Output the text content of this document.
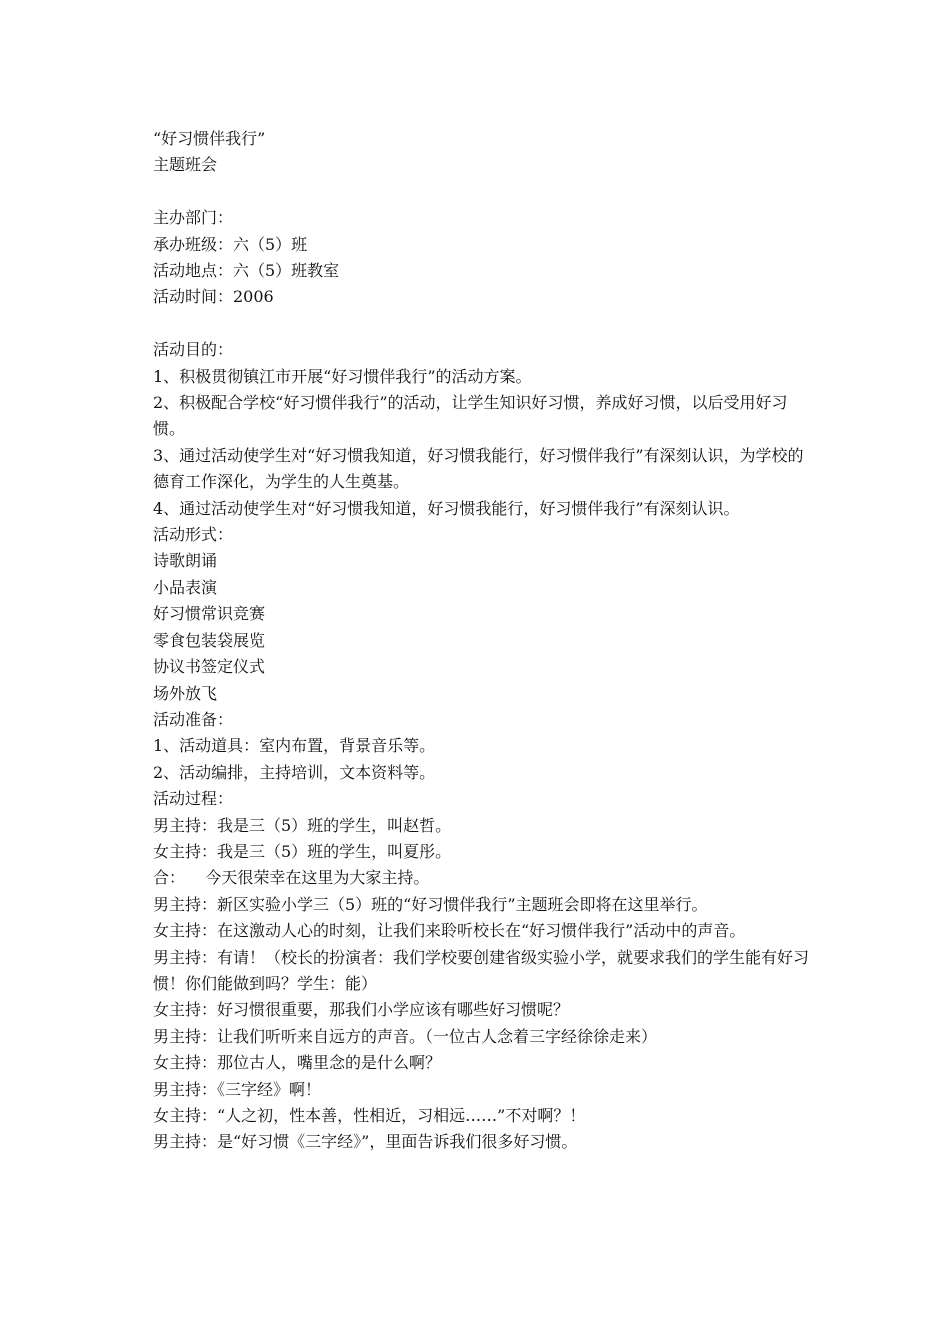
“好习惯伴我行”

主题班会

主办部门：

承办班级：六（5）班

活动地点：六（5）班教室

活动时间：2006

活动目的：

1、积极贯彻镇江市开展“好习惯伴我行”的活动方案。

2、积极配合学校“好习惯伴我行”的活动，让学生知识好习惯，养成好习惯，以后受用好习惯。

3、通过活动使学生对“好习惯我知道，好习惯我能行，好习惯伴我行”有深刻认识，为学校的德育工作深化，为学生的人生奠基。

4、通过活动使学生对“好习惯我知道，好习惯我能行，好习惯伴我行”有深刻认识。

活动形式：

诗歌朗诵

小品表演

好习惯常识竞赛

零食包装袋展览

协议书签定仪式

场外放飞

活动准备：

1、活动道具：室内布置，背景音乐等。

2、活动编排，主持培训，文本资料等。

活动过程：

男主持：我是三（5）班的学生，叫赵哲。

女主持：我是三（5）班的学生，叫夏彤。

合：    今天很荣幸在这里为大家主持。

男主持：新区实验小学三（5）班的“好习惯伴我行”主题班会即将在这里举行。

女主持：在这激动人心的时刻，让我们来聆听校长在“好习惯伴我行”活动中的声音。

男主持：有请！（校长的扮演者：我们学校要创建省级实验小学，就要求我们的学生能有好习惯！你们能做到吗？学生：能）

女主持：好习惯很重要，那我们小学应该有哪些好习惯呢？

男主持：让我们听听来自远方的声音。（一位古人念着三字经徐徐走来）

女主持：那位古人，嘴里念的是什么啊？

男主持：《三字经》啊！

女主持：“人之初，性本善，性相近，习相远……”不对啊？！

男主持：是“好习惯《三字经》”，里面告诉我们很多好习惯。
